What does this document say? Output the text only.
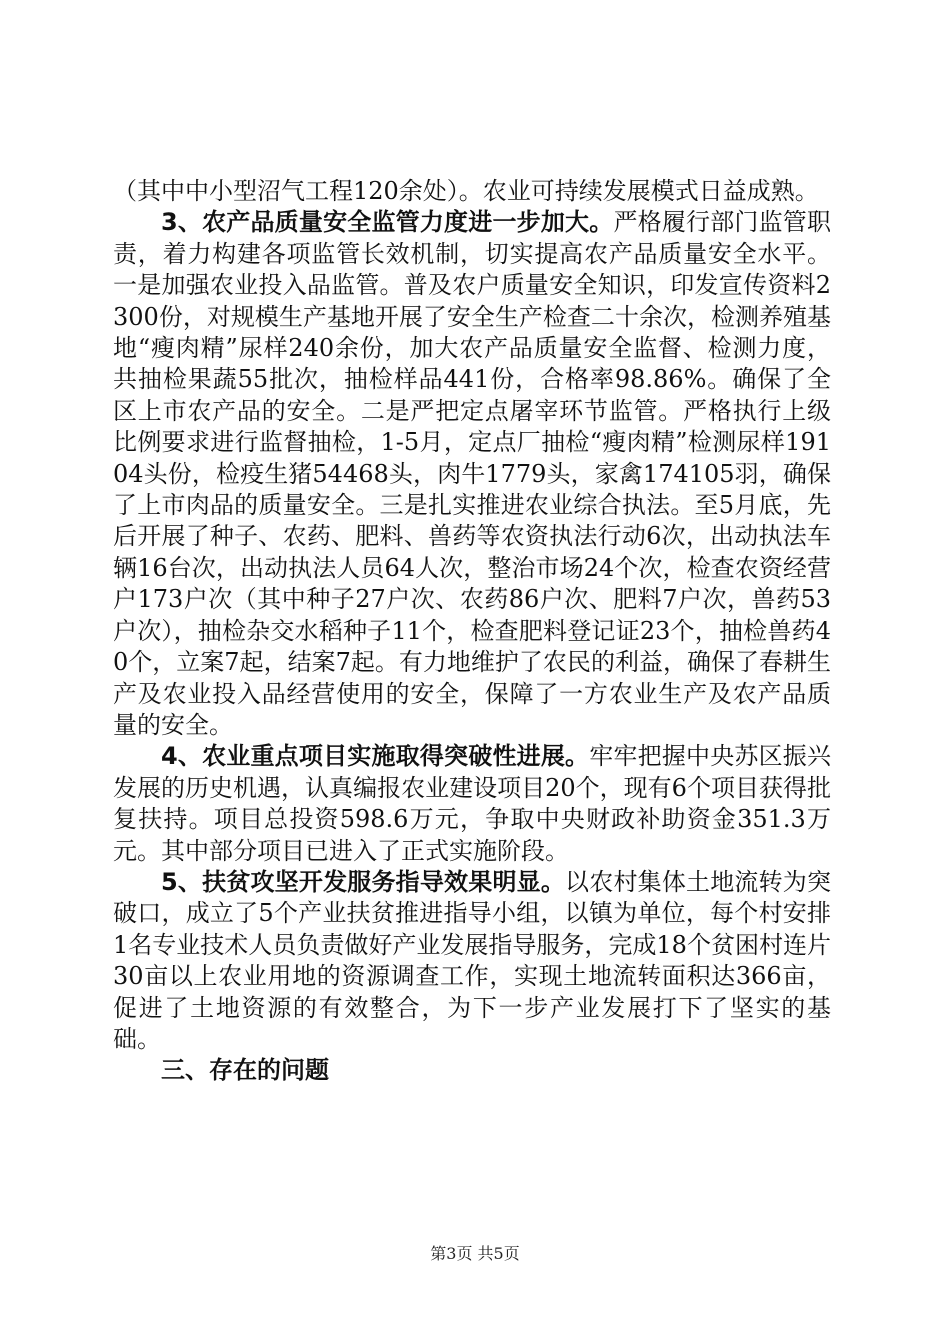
（其中中小型沼气工程120余处）。农业可持续发展模式日益成熟。

3、农产品质量安全监管力度进一步加大。严格履行部门监管职责，着力构建各项监管长效机制，切实提高农产品质量安全水平。一是加强农业投入品监管。普及农户质量安全知识，印发宣传资料2300份，对规模生产基地开展了安全生产检查二十余次，检测养殖基地“瘦肉精”尿样240余份，加大农产品质量安全监督、检测力度，共抽检果蔬55批次，抽检样品441份，合格率98.86%。确保了全区上市农产品的安全。二是严把定点屠宰环节监管。严格执行上级比例要求进行监督抽检，1-5月，定点厂抽检“瘦肉精”检测尿样19104头份，检疫生猪54468头，肉牛1779头，家禽174105羽，确保了上市肉品的质量安全。三是扎实推进农业综合执法。至5月底，先后开展了种子、农药、肥料、兽药等农资执法行动6次，出动执法车辆16台次，出动执法人员64人次，整治市场24个次，检查农资经营户173户次（其中种子27户次、农药86户次、肥料7户次，兽药53户次），抽检杂交水稻种子11个，检查肥料登记证23个，抽检兽药40个，立案7起，结案7起。有力地维护了农民的利益，确保了春耕生产及农业投入品经营使用的安全，保障了一方农业生产及农产品质量的安全。

4、农业重点项目实施取得突破性进展。牢牢把握中央苏区振兴发展的历史机遇，认真编报农业建设项目20个，现有6个项目获得批复扶持。项目总投资598.6万元，争取中央财政补助资金351.3万元。其中部分项目已进入了正式实施阶段。

5、扶贫攻坚开发服务指导效果明显。以农村集体土地流转为突破口，成立了5个产业扶贫推进指导小组，以镇为单位，每个村安排1名专业技术人员负责做好产业发展指导服务，完成18个贫困村连片30亩以上农业用地的资源调查工作，实现土地流转面积达366亩，促进了土地资源的有效整合，为下一步产业发展打下了坚实的基础。

三、存在的问题

第3页 共5页
